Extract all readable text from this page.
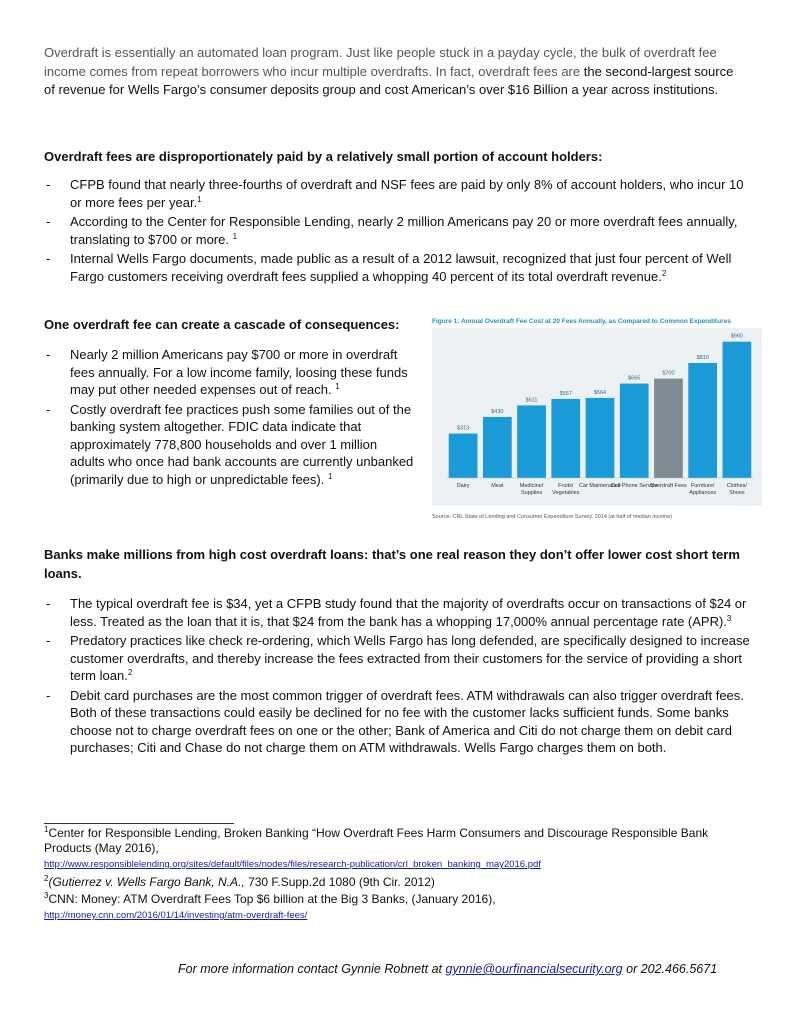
Overdraft is essentially an automated loan program. Just like people stuck in a payday cycle, the bulk of overdraft fee income comes from repeat borrowers who incur multiple overdrafts. In fact, overdraft fees are the second-largest source of revenue for Wells Fargo’s consumer deposits group and cost American’s over $16 Billion a year across institutions.

Overdraft fees are disproportionately paid by a relatively small portion of account holders:
- CFPB found that nearly three-fourths of overdraft and NSF fees are paid by only 8% of account holders, who incur 10 or more fees per year.$^1$
- According to the Center for Responsible Lending, nearly 2 million Americans pay 20 or more overdraft fees annually, translating to $700 or more. $^1$
- Internal Wells Fargo documents, made public as a result of a 2012 lawsuit, recognized that just four percent of Well Fargo customers receiving overdraft fees supplied a whopping 40 percent of its total overdraft revenue.$^2$
One overdraft fee can create a cascade of consequences:
- Nearly 2 million Americans pay $700 or more in overdraft fees annually. For a low income family, loosing these funds may put other needed expenses out of reach. $^1$
- Costly overdraft fee practices push some families out of the banking system altogether. FDIC data indicate that approximately 778,800 households and over 1 million adults who once had bank accounts are currently unbanked (primarily due to high or unpredictable fees). $^1$
Figure 1: Annual Overdraft Fee Cost at 20 Fees Annually, as Compared to Common Expenditures
$313
Dairy
$430
Meat
$511
Medicine/
Supplies
$557
Fruits/
Vegetables
$564
Car Maintenance
$665
Cell Phone Service
$700
Overdraft Fees
$810
Furniture/
Appliances
$960
Clothes/
Shoes
Source: CRL State of Lending and Consumer Expenditure Survey, 2014 (at half of median income)
Banks make millions from high cost overdraft loans: that’s one real reason they don’t offer lower cost short term loans.
- The typical overdraft fee is $34, yet a CFPB study found that the majority of overdrafts occur on transactions of $24 or less. Treated as the loan that it is, that $24 from the bank has a whopping 17,000% annual percentage rate (APR).$^3$
- Predatory practices like check re-ordering, which Wells Fargo has long defended, are specifically designed to increase customer overdrafts, and thereby increase the fees extracted from their customers for the service of providing a short term loan.$^2$
- Debit card purchases are the most common trigger of overdraft fees. ATM withdrawals can also trigger overdraft fees. Both of these transactions could easily be declined for no fee with the customer lacks sufficient funds. Some banks choose not to charge overdraft fees on one or the other; Bank of America and Citi do not charge them on debit card purchases; Citi and Chase do not charge them on ATM withdrawals. Wells Fargo charges them on both.
$^1$Center for Responsible Lending, Broken Banking “How Overdraft Fees Harm Consumers and Discourage Responsible Bank Products (May 2016),
http://www.responsiblelending.org/sites/default/files/nodes/files/research-publication/crl_broken_banking_may2016.pdf
$^2$(Gutierrez v. Wells Fargo Bank, N.A., 730 F.Supp.2d 1080 (9th Cir. 2012)
$^3$CNN: Money: ATM Overdraft Fees Top $6 billion at the Big 3 Banks, (January 2016),
http://money.cnn.com/2016/01/14/investing/atm-overdraft-fees/
For more information contact Gynnie Robnett at gynnie@ourfinancialsecurity.org or 202.466.5671
